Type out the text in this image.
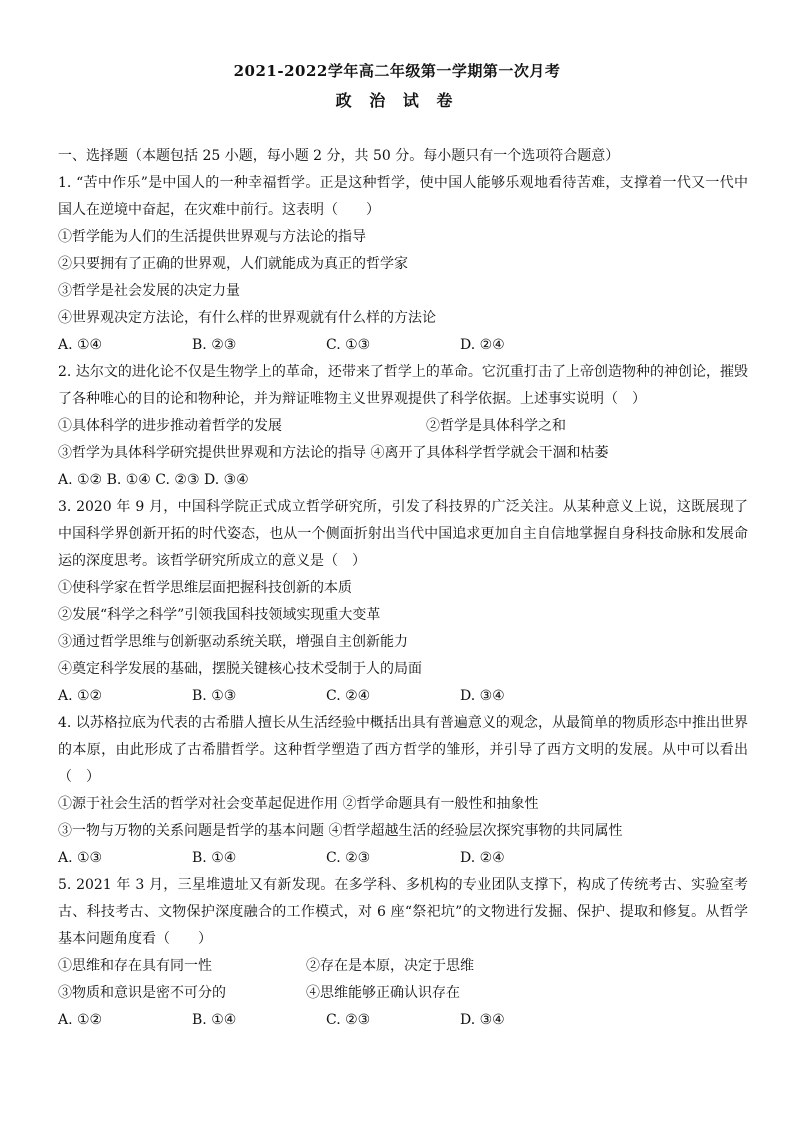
2021-2022学年高二年级第一学期第一次月考
政 治 试 卷
一、选择题（本题包括 25 小题，每小题 2 分，共 50 分。每小题只有一个选项符合题意）
1. “苦中作乐”是中国人的一种幸福哲学。正是这种哲学，使中国人能够乐观地看待苦难，支撑着一代又一代中国人在逆境中奋起，在灾难中前行。这表明（　　）
①哲学能为人们的生活提供世界观与方法论的指导
②只要拥有了正确的世界观，人们就能成为真正的哲学家
③哲学是社会发展的决定力量
④世界观决定方法论，有什么样的世界观就有什么样的方法论
A. ①④	B. ②③	C. ①③	D. ②④
2. 达尔文的进化论不仅是生物学上的革命，还带来了哲学上的革命。它沉重打击了上帝创造物种的神创论，摧毁了各种唯心的目的论和物种论，并为辩证唯物主义世界观提供了科学依据。上述事实说明（　）
①具体科学的进步推动着哲学的发展	②哲学是具体科学之和
③哲学为具体科学研究提供世界观和方法论的指导 ④离开了具体科学哲学就会干涸和枯萎
A. ①② B. ①④ C. ②③ D. ③④
3. 2020 年 9 月，中国科学院正式成立哲学研究所，引发了科技界的广泛关注。从某种意义上说，这既展现了中国科学界创新开拓的时代姿态，也从一个侧面折射出当代中国追求更加自主自信地掌握自身科技命脉和发展命运的深度思考。该哲学研究所成立的意义是（　）
①使科学家在哲学思维层面把握科技创新的本质
②发展“科学之科学”引领我国科技领域实现重大变革
③通过哲学思维与创新驱动系统关联，增强自主创新能力
④奠定科学发展的基础，摆脱关键核心技术受制于人的局面
A. ①②	B. ①③	C. ②④	D. ③④
4. 以苏格拉底为代表的古希腊人擅长从生活经验中概括出具有普遍意义的观念，从最简单的物质形态中推出世界的本原，由此形成了古希腊哲学。这种哲学塑造了西方哲学的雏形，并引导了西方文明的发展。从中可以看出（　）
①源于社会生活的哲学对社会变革起促进作用 ②哲学命题具有一般性和抽象性
③一物与万物的关系问题是哲学的基本问题 ④哲学超越生活的经验层次探究事物的共同属性
A. ①③	B. ①④	C. ②③	D. ②④
5. 2021 年 3 月，三星堆遗址又有新发现。在多学科、多机构的专业团队支撑下，构成了传统考古、实验室考古、科技考古、文物保护深度融合的工作模式，对 6 座“祭祀坑”的文物进行发掘、保护、提取和修复。从哲学基本问题角度看（　　）
①思维和存在具有同一性	②存在是本原，决定于思维
③物质和意识是密不可分的	④思维能够正确认识存在
A. ①②	B. ①④	C. ②③	D. ③④
